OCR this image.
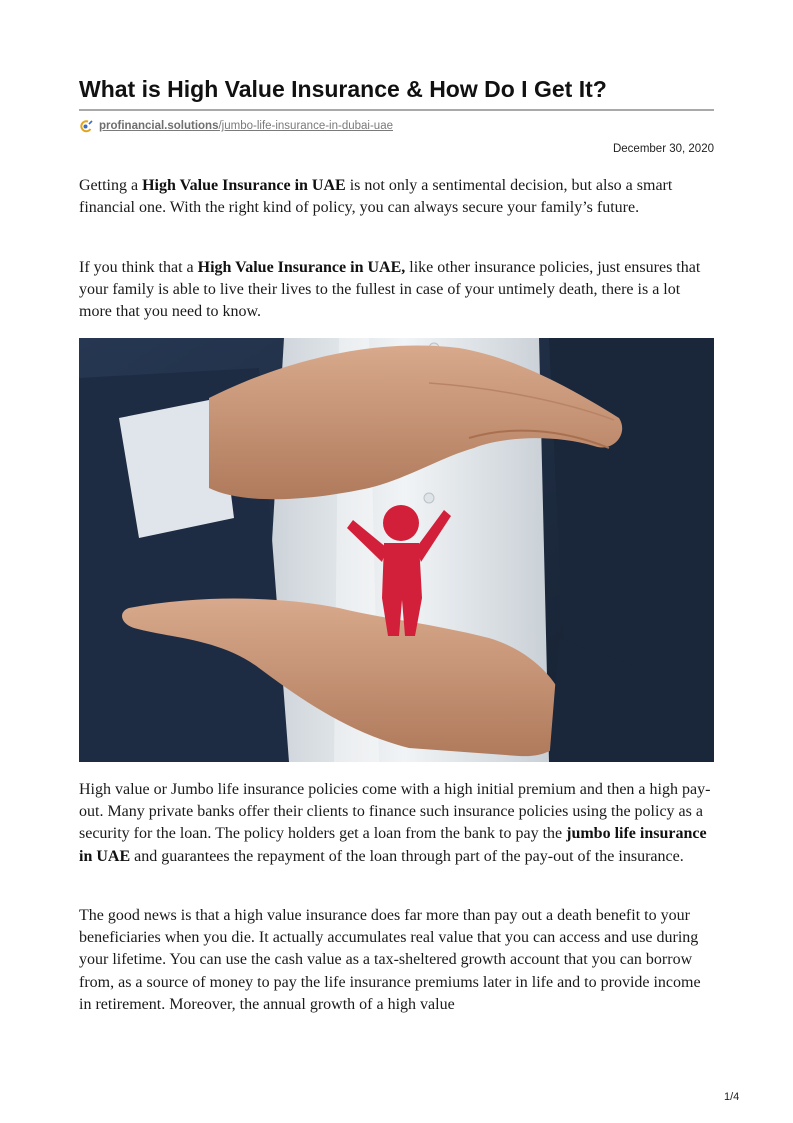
What is High Value Insurance & How Do I Get It?
profinancial.solutions/jumbo-life-insurance-in-dubai-uae
December 30, 2020

Getting a High Value Insurance in UAE is not only a sentimental decision, but also a smart financial one. With the right kind of policy, you can always secure your family’s future.

If you think that a High Value Insurance in UAE, like other insurance policies, just ensures that your family is able to live their lives to the fullest in case of your untimely death, there is a lot more that you need to know.

High value or Jumbo life insurance policies come with a high initial premium and then a high pay-out. Many private banks offer their clients to finance such insurance policies using the policy as a security for the loan. The policy holders get a loan from the bank to pay the jumbo life insurance in UAE and guarantees the repayment of the loan through part of the pay-out of the insurance.

The good news is that a high value insurance does far more than pay out a death benefit to your beneficiaries when you die. It actually accumulates real value that you can access and use during your lifetime. You can use the cash value as a tax-sheltered growth account that you can borrow from, as a source of money to pay the life insurance premiums later in life and to provide income in retirement. Moreover, the annual growth of a high value

1/4
